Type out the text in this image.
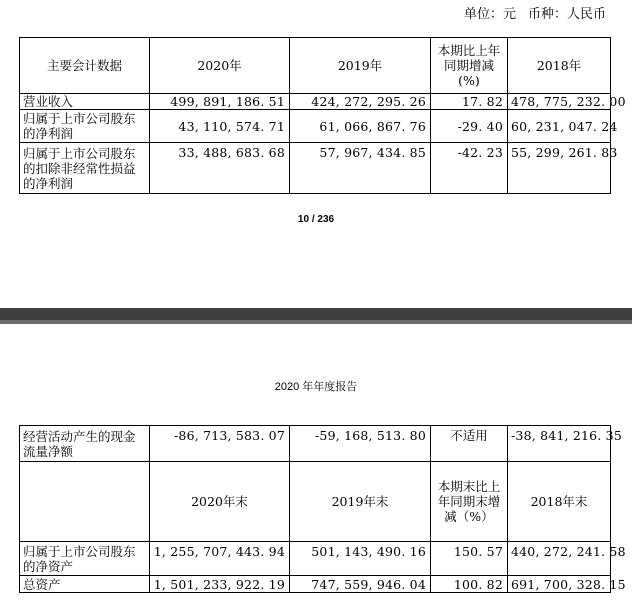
单位：元 币种：人民币
主要会计数据	2020年	2019年	本期比上年同期增减(%)	2018年
营业收入	499, 891, 186. 51	424, 272, 295. 26	17. 82	478, 775, 232. 00
归属于上市公司股东的净利润	43, 110, 574. 71	61, 066, 867. 76	-29. 40	60, 231, 047. 24
归属于上市公司股东的扣除非经常性损益的净利润	33, 488, 683. 68	57, 967, 434. 85	-42. 23	55, 299, 261. 83
10 / 236
2020 年年度报告
经营活动产生的现金流量净额	-86, 713, 583. 07	-59, 168, 513. 80	不适用	-38, 841, 216. 35
	2020年末	2019年末	本期末比上年同期末增减（%）	2018年末
归属于上市公司股东的净资产	1, 255, 707, 443. 94	501, 143, 490. 16	150. 57	440, 272, 241. 58
总资产	1, 501, 233, 922. 19	747, 559, 946. 04	100. 82	691, 700, 328. 15
